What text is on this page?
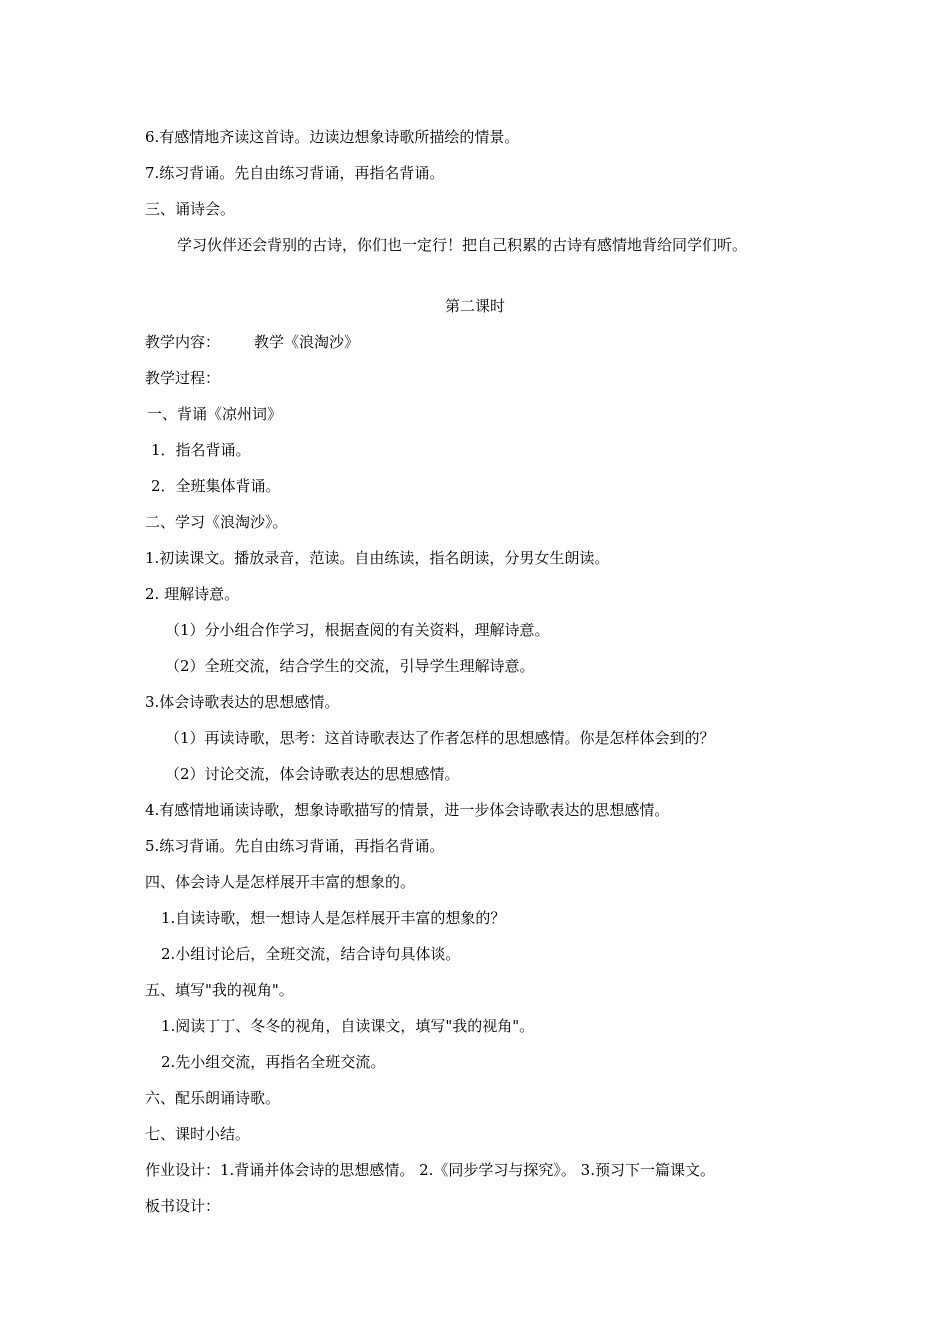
6.有感情地齐读这首诗。边读边想象诗歌所描绘的情景。
7.练习背诵。先自由练习背诵，再指名背诵。
三、诵诗会。
学习伙伴还会背别的古诗，你们也一定行！把自己积累的古诗有感情地背给同学们听。
第二课时
教学内容： 教学《浪淘沙》
教学过程：
一、背诵《凉州词》
1．指名背诵。
2．全班集体背诵。
二、学习《浪淘沙》。
1.初读课文。播放录音，范读。自由练读，指名朗读，分男女生朗读。
2. 理解诗意。
（1）分小组合作学习，根据查阅的有关资料，理解诗意。
（2）全班交流，结合学生的交流，引导学生理解诗意。
3.体会诗歌表达的思想感情。
（1）再读诗歌，思考：这首诗歌表达了作者怎样的思想感情。你是怎样体会到的？
（2）讨论交流，体会诗歌表达的思想感情。
4.有感情地诵读诗歌，想象诗歌描写的情景，进一步体会诗歌表达的思想感情。
5.练习背诵。先自由练习背诵，再指名背诵。
四、体会诗人是怎样展开丰富的想象的。
1.自读诗歌，想一想诗人是怎样展开丰富的想象的？
2.小组讨论后，全班交流，结合诗句具体谈。
五、填写"我的视角"。
1.阅读丁丁、冬冬的视角，自读课文，填写"我的视角"。
2.先小组交流，再指名全班交流。
六、配乐朗诵诗歌。
七、课时小结。
作业设计：1.背诵并体会诗的思想感情。 2.《同步学习与探究》。 3.预习下一篇课文。
板书设计：
